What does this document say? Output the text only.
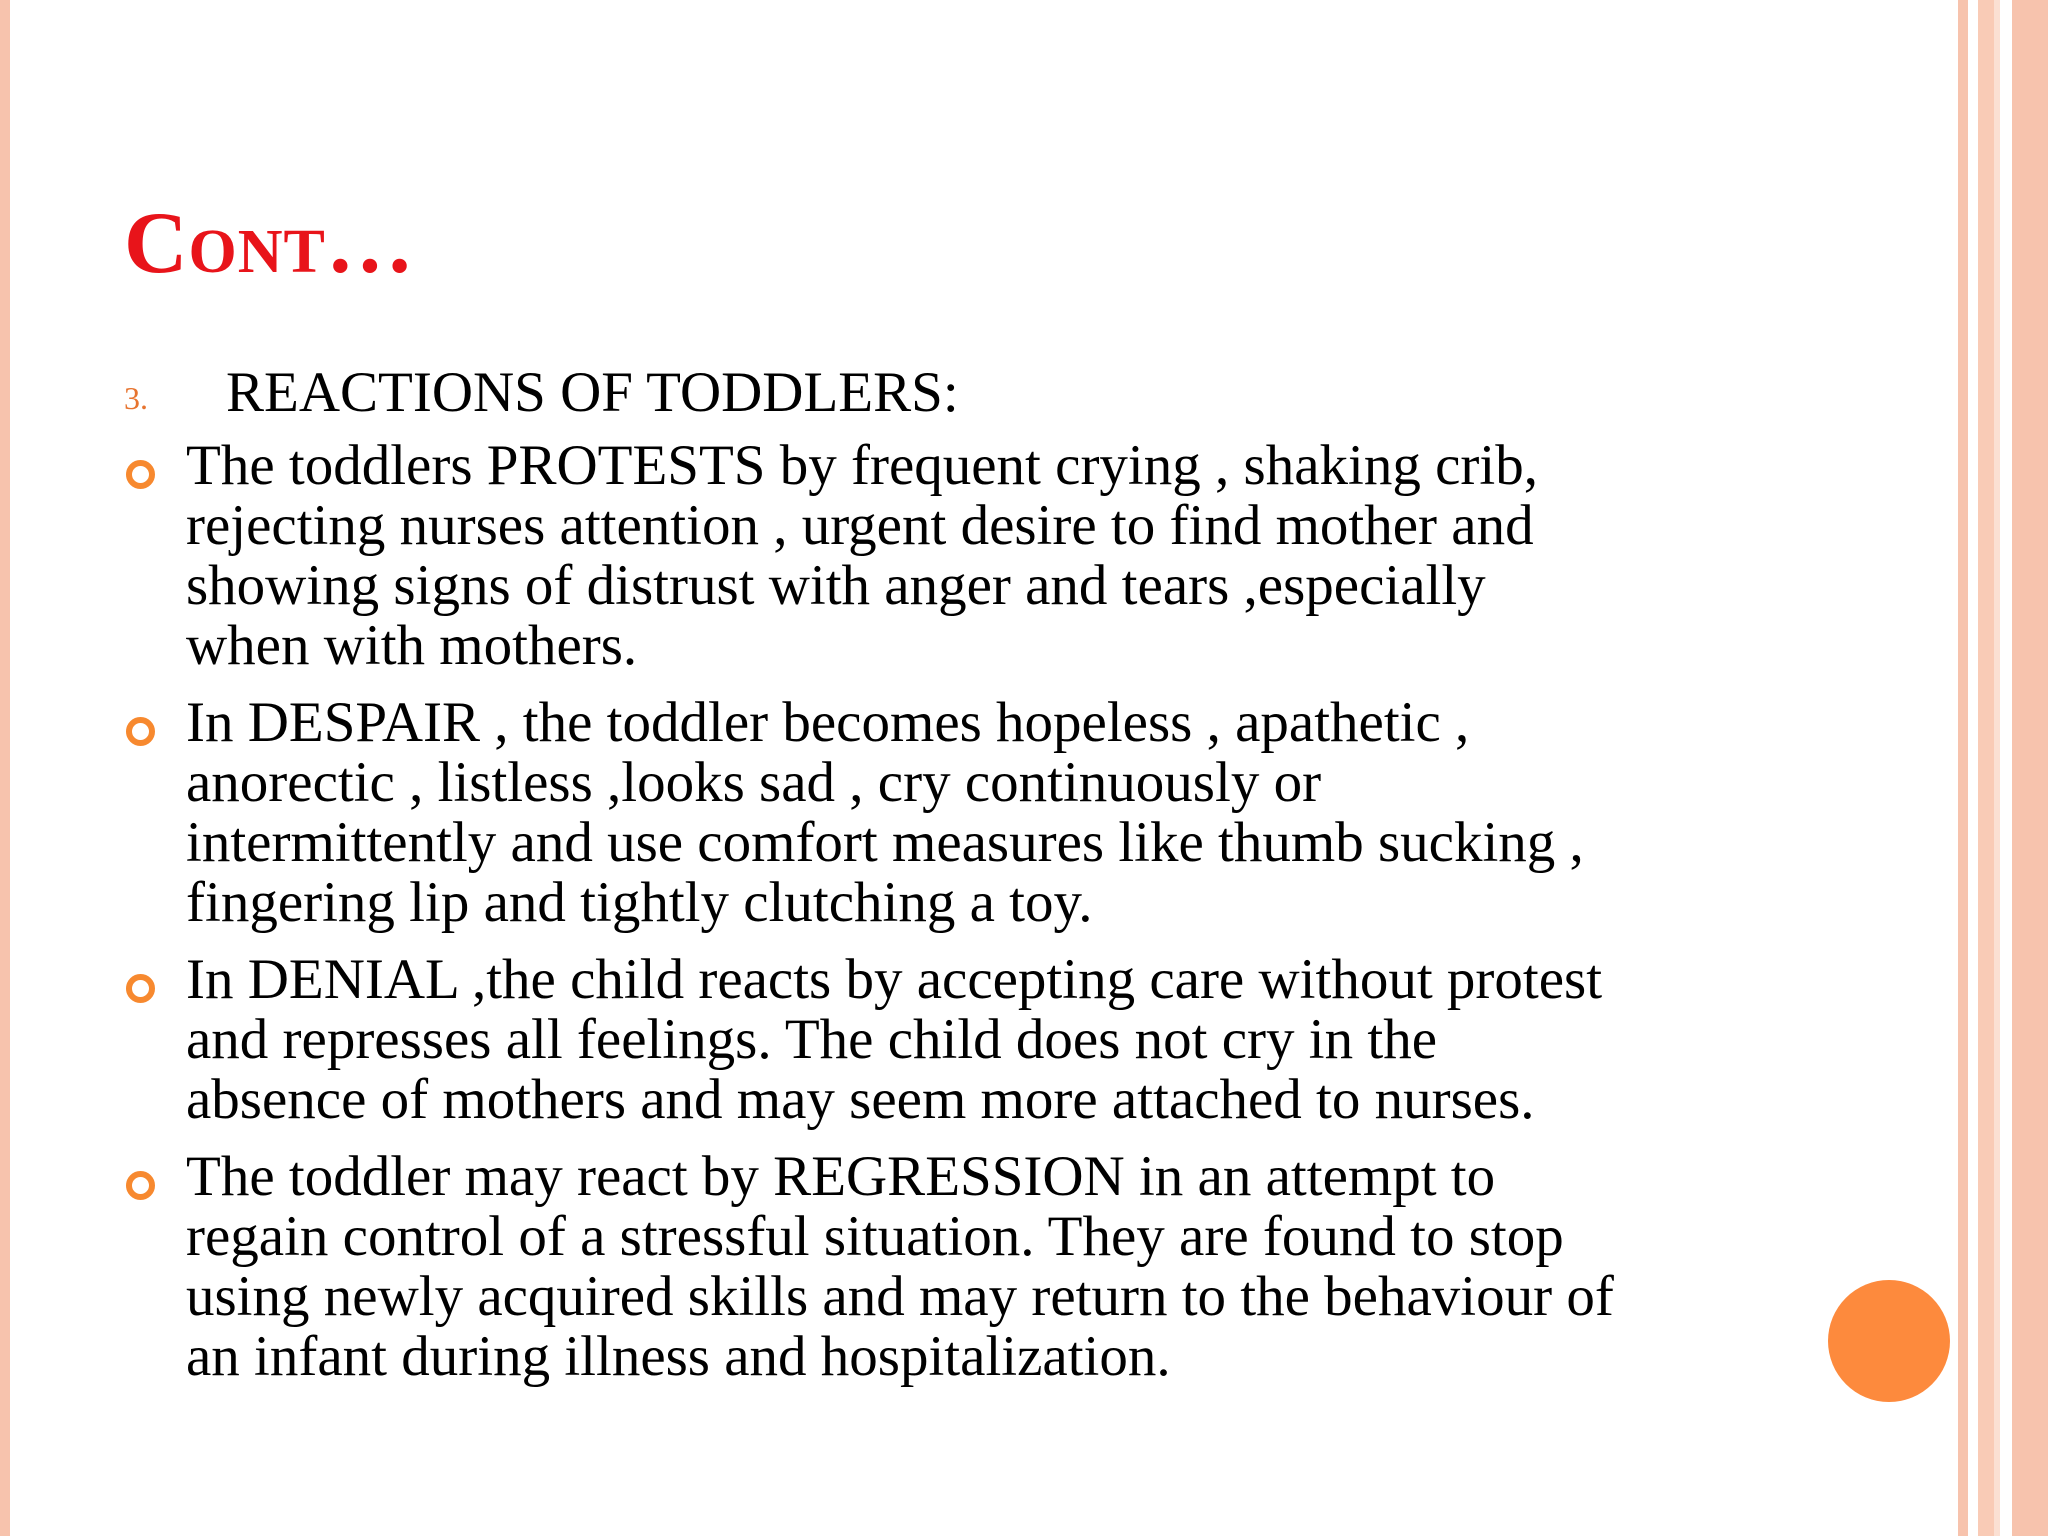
Cont…
3. REACTIONS OF TODDLERS:
The toddlers PROTESTS by frequent crying , shaking crib,
rejecting nurses attention , urgent desire to find mother and
showing signs of distrust with anger and tears ,especially
when with mothers.
In DESPAIR , the toddler becomes hopeless , apathetic ,
anorectic , listless ,looks sad , cry continuously or
intermittently and use comfort measures like thumb sucking ,
fingering lip and tightly clutching a toy.
In DENIAL ,the child reacts by accepting care without protest
and represses all feelings. The child does not cry in the
absence of mothers and may seem more attached to nurses.
The toddler may react by REGRESSION in an attempt to
regain control of a stressful situation. They are found to stop
using newly acquired skills and may return to the behaviour of
an infant during illness and hospitalization.
